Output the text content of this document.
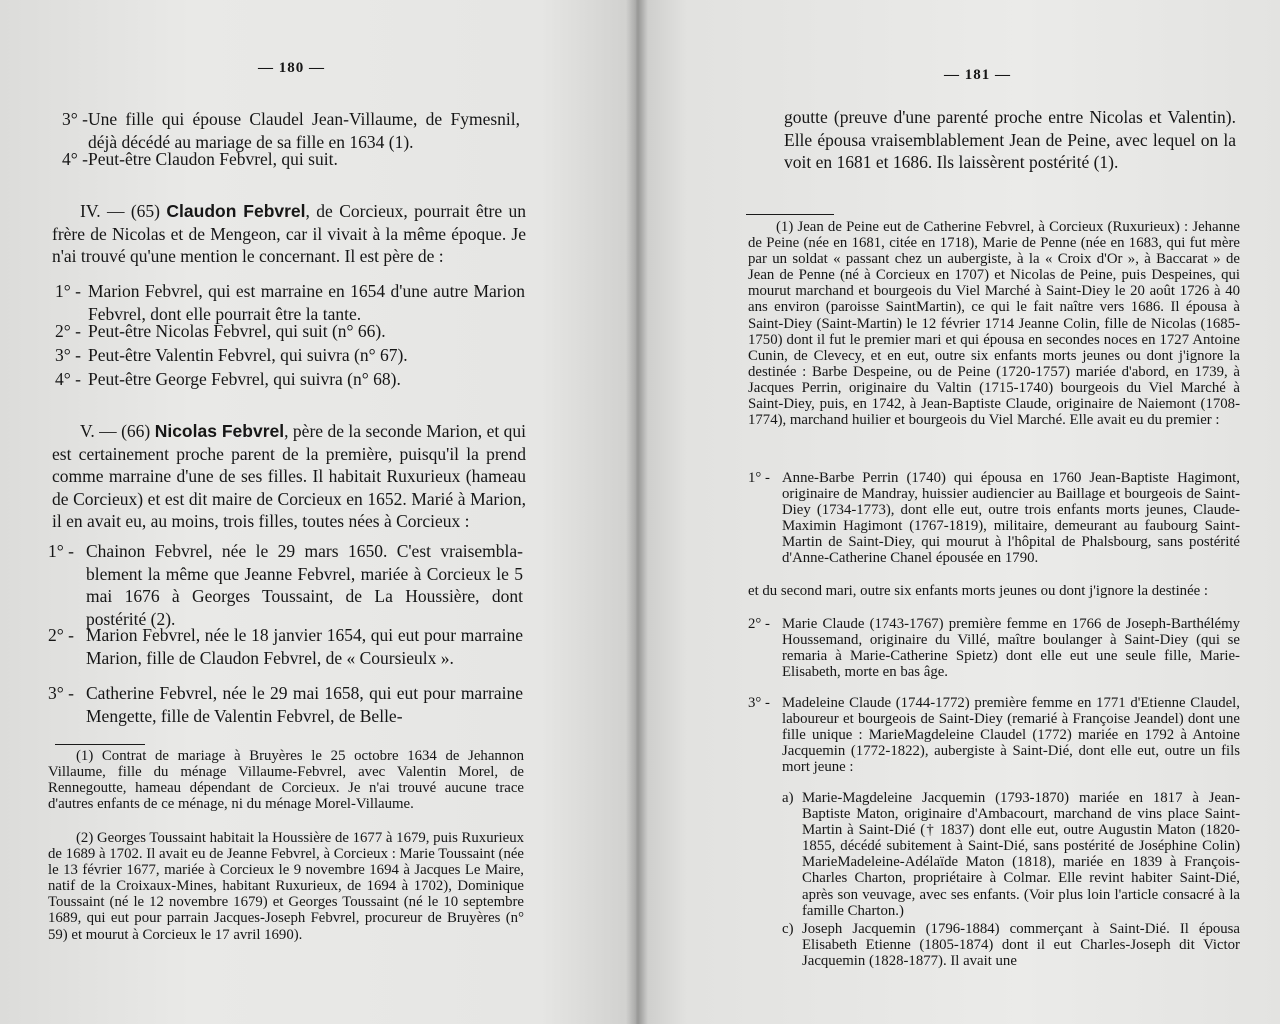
— 180 —
3° - Une fille qui épouse Claudel Jean-Villaume, de Fymesnil, déjà décédé au mariage de sa fille en 1634 (1).
4° - Peut-être Claudon Febvrel, qui suit.
IV. — (65) Claudon Febvrel, de Corcieux, pourrait être un frère de Nicolas et de Mengeon, car il vivait à la même époque. Je n'ai trouvé qu'une mention le concernant. Il est père de :
1° - Marion Febvrel, qui est marraine en 1654 d'une autre Marion Febvrel, dont elle pourrait être la tante.
2° - Peut-être Nicolas Febvrel, qui suit (n° 66).
3° - Peut-être Valentin Febvrel, qui suivra (n° 67).
4° - Peut-être George Febvrel, qui suivra (n° 68).
V. — (66) Nicolas Febvrel, père de la seconde Marion, et qui est certainement proche parent de la première, puisqu'il la prend comme marraine d'une de ses filles. Il habitait Ruxurieux (hameau de Corcieux) et est dit maire de Corcieux en 1652. Marié à Marion, il en avait eu, au moins, trois filles, toutes nées à Corcieux :
1° - Chainon Febvrel, née le 29 mars 1650. C'est vraisemblablement la même que Jeanne Febvrel, mariée à Corcieux le 5 mai 1676 à Georges Toussaint, de La Houssière, dont postérité (2).
2° - Marion Febvrel, née le 18 janvier 1654, qui eut pour marraine Marion, fille de Claudon Febvrel, de « Coursieulx ».
3° - Catherine Febvrel, née le 29 mai 1658, qui eut pour marraine Mengette, fille de Valentin Febvrel, de Belle-
(1) Contrat de mariage à Bruyères le 25 octobre 1634 de Jehannon Villaume, fille du ménage Villaume-Febvrel, avec Valentin Morel, de Rennegoutte, hameau dépendant de Corcieux. Je n'ai trouvé aucune trace d'autres enfants de ce ménage, ni du ménage Morel-Villaume.
(2) Georges Toussaint habitait la Houssière de 1677 à 1679, puis Ruxurieux de 1689 à 1702. Il avait eu de Jeanne Febvrel, à Corcieux : Marie Toussaint (née le 13 février 1677, mariée à Corcieux le 9 novembre 1694 à Jacques Le Maire, natif de la Croixaux-Mines, habitant Ruxurieux, de 1694 à 1702), Dominique Toussaint (né le 12 novembre 1679) et Georges Toussaint (né le 10 septembre 1689, qui eut pour parrain Jacques-Joseph Febvrel, procureur de Bruyères (n° 59) et mourut à Corcieux le 17 avril 1690).
— 181 —
goutte (preuve d'une parenté proche entre Nicolas et Valentin). Elle épousa vraisemblablement Jean de Peine, avec lequel on la voit en 1681 et 1686. Ils laissèrent postérité (1).
(1) Jean de Peine eut de Catherine Febvrel, à Corcieux (Ruxurieux) : Jehanne de Peine (née en 1681, citée en 1718), Marie de Penne (née en 1683, qui fut mère par un soldat « passant chez un aubergiste, à la « Croix d'Or », à Baccarat » de Jean de Penne (né à Corcieux en 1707) et Nicolas de Peine, puis Despeines, qui mourut marchand et bourgeois du Viel Marché à Saint-Diey le 20 août 1726 à 40 ans environ (paroisse SaintMartin), ce qui le fait naître vers 1686. Il épousa à Saint-Diey (Saint-Martin) le 12 février 1714 Jeanne Colin, fille de Nicolas (1685-1750) dont il fut le premier mari et qui épousa en secondes noces en 1727 Antoine Cunin, de Clevecy, et en eut, outre six enfants morts jeunes ou dont j'ignore la destinée : Barbe Despeine, ou de Peine (1720-1757) mariée d'abord, en 1739, à Jacques Perrin, originaire du Valtin (1715-1740) bourgeois du Viel Marché à Saint-Diey, puis, en 1742, à Jean-Baptiste Claude, originaire de Naiemont (1708-1774), marchand huilier et bourgeois du Viel Marché. Elle avait eu du premier :
1° - Anne-Barbe Perrin (1740) qui épousa en 1760 Jean-Baptiste Hagimont, originaire de Mandray, huissier audiencier au Baillage et bourgeois de Saint-Diey (1734-1773), dont elle eut, outre trois enfants morts jeunes, Claude-Maximin Hagimont (1767-1819), militaire, demeurant au faubourg Saint-Martin de Saint-Diey, qui mourut à l'hôpital de Phalsbourg, sans postérité d'Anne-Catherine Chanel épousée en 1790.
et du second mari, outre six enfants morts jeunes ou dont j'ignore la destinée :
2° - Marie Claude (1743-1767) première femme en 1766 de Joseph-Barthélémy Houssemand, originaire du Villé, maître boulanger à Saint-Diey (qui se remaria à Marie-Catherine Spietz) dont elle eut une seule fille, Marie-Elisabeth, morte en bas âge.
3° - Madeleine Claude (1744-1772) première femme en 1771 d'Etienne Claudel, laboureur et bourgeois de Saint-Diey (remarié à Françoise Jeandel) dont une fille unique : MarieMagdeleine Claudel (1772) mariée en 1792 à Antoine Jacquemin (1772-1822), aubergiste à Saint-Dié, dont elle eut, outre un fils mort jeune :
a) Marie-Magdeleine Jacquemin (1793-1870) mariée en 1817 à Jean-Baptiste Maton, originaire d'Ambacourt, marchand de vins place Saint-Martin à Saint-Dié († 1837) dont elle eut, outre Augustin Maton (1820-1855, décédé subitement à Saint-Dié, sans postérité de Joséphine Colin) MarieMadeleine-Adélaïde Maton (1818), mariée en 1839 à François-Charles Charton, propriétaire à Colmar. Elle revint habiter Saint-Dié, après son veuvage, avec ses enfants. (Voir plus loin l'article consacré à la famille Charton.)
c) Joseph Jacquemin (1796-1884) commerçant à Saint-Dié. Il épousa Elisabeth Etienne (1805-1874) dont il eut Charles-Joseph dit Victor Jacquemin (1828-1877). Il avait une
